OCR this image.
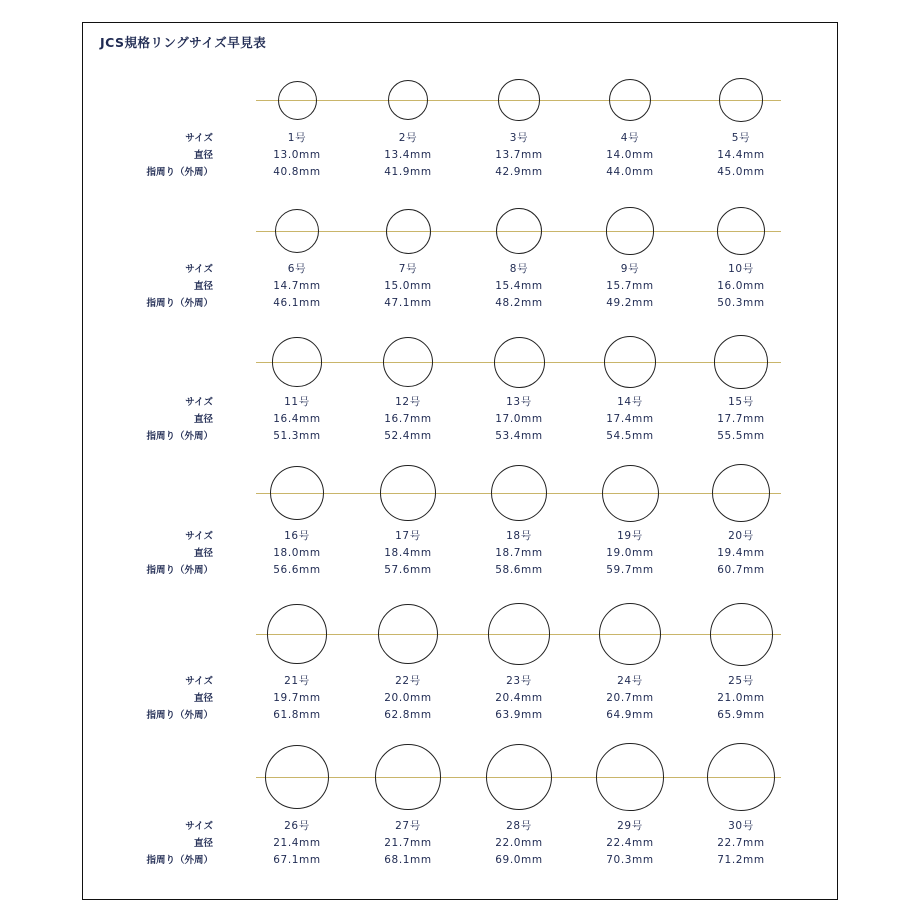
JCS規格リングサイズ早見表
サイズ
直径
指周り（外周）
1号
13.0mm
40.8mm
2号
13.4mm
41.9mm
3号
13.7mm
42.9mm
4号
14.0mm
44.0mm
5号
14.4mm
45.0mm
サイズ
直径
指周り（外周）
6号
14.7mm
46.1mm
7号
15.0mm
47.1mm
8号
15.4mm
48.2mm
9号
15.7mm
49.2mm
10号
16.0mm
50.3mm
サイズ
直径
指周り（外周）
11号
16.4mm
51.3mm
12号
16.7mm
52.4mm
13号
17.0mm
53.4mm
14号
17.4mm
54.5mm
15号
17.7mm
55.5mm
サイズ
直径
指周り（外周）
16号
18.0mm
56.6mm
17号
18.4mm
57.6mm
18号
18.7mm
58.6mm
19号
19.0mm
59.7mm
20号
19.4mm
60.7mm
サイズ
直径
指周り（外周）
21号
19.7mm
61.8mm
22号
20.0mm
62.8mm
23号
20.4mm
63.9mm
24号
20.7mm
64.9mm
25号
21.0mm
65.9mm
サイズ
直径
指周り（外周）
26号
21.4mm
67.1mm
27号
21.7mm
68.1mm
28号
22.0mm
69.0mm
29号
22.4mm
70.3mm
30号
22.7mm
71.2mm
